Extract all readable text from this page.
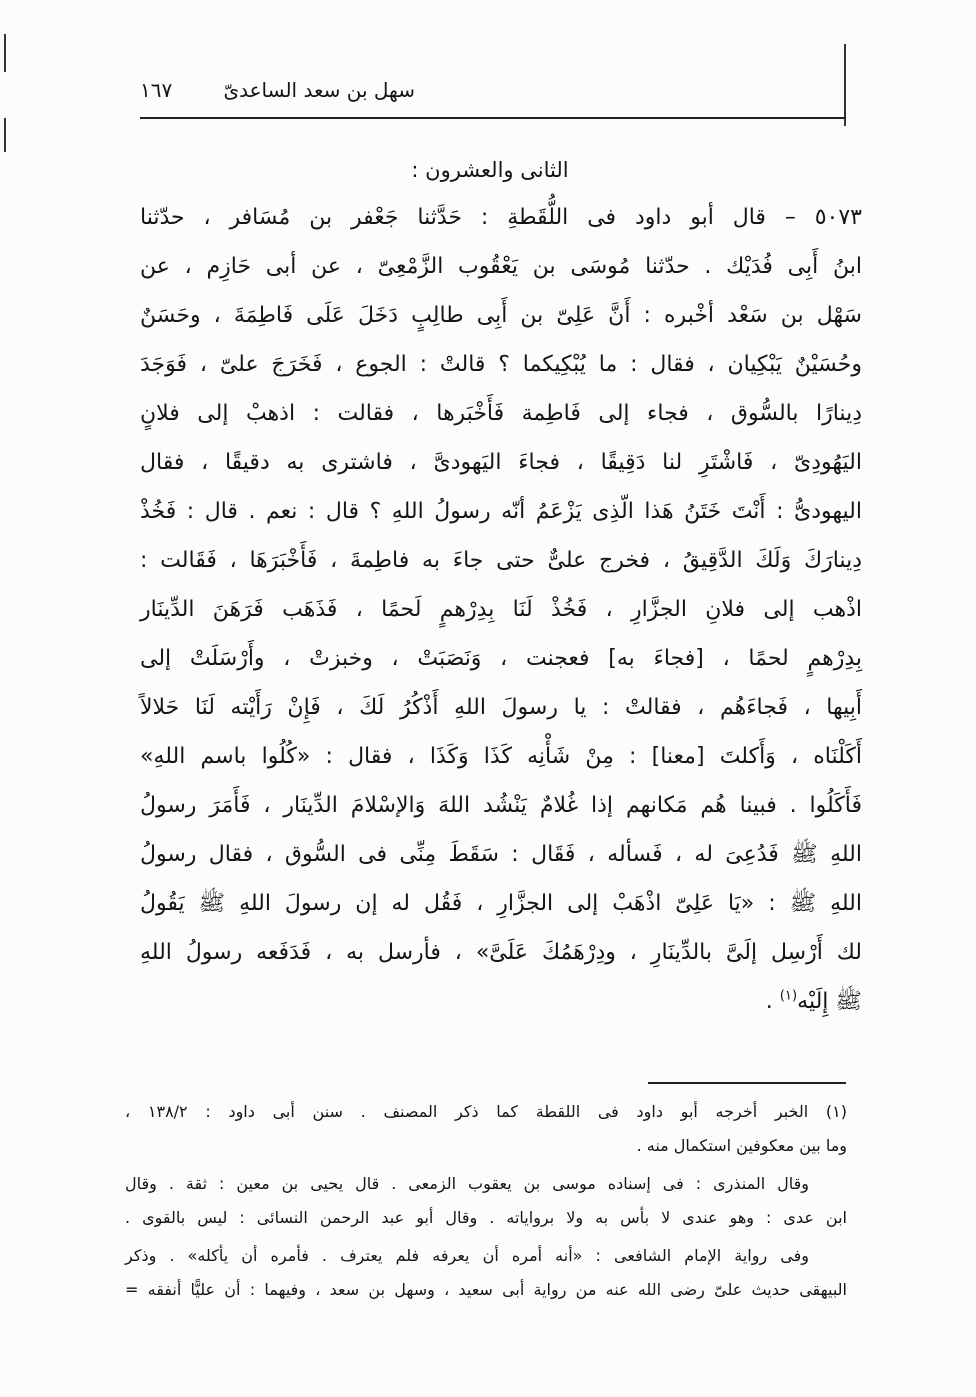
سهل بن سعد الساعدىّ
١٦٧
الثانى والعشرون :
٥٠٧٣ – قال أبو داود فى اللُّقَطةِ : حَدَّثنا جَعْفر بن مُسَافر ، حدّثنا
ابنُ أَبِى فُدَيْك . حدّثنا مُوسَى بن يَعْقُوب الزَّمْعِىّ ، عن أبى حَازِم ، عن
سَهْل بن سَعْد أخْبره : أَنَّ عَلِىّ بن أَبِى طالِبٍ دَخَلَ عَلَى فَاطِمَةَ ، وحَسَنٌ
وحُسَيْنٌ يَبْكِيان ، فقال : ما يُبْكِيكما ؟ قالتْ : الجوع ، فَخَرَجَ علىّ ، فَوَجَدَ
دِينارًا بالسُّوق ، فجاء إلى فَاطِمة فَأَخْبَرها ، فقالت : اذهبْ إلى فلانٍ
اليَهُودِىّ ، فَاشْتَرِ لنا دَقِيقًا ، فجاءَ اليَهودىَّ ، فاشترى به دقيقًا ، فقال
اليهودىُّ : أَنْتَ خَتَنُ هَذا الّذِى يَزْعَمُ أنّه رسولُ اللهِ ؟ قال : نعم . قال : فَخُذْ
دِينارَكَ وَلَكَ الدَّقِيقُ ، فخرج علىٌّ حتى جاءَ به فاطِمةَ ، فَأَخْبَرَهَا ، فَقَالت :
اذْهب إلى فلانِ الجزَّارِ ، فَخُذْ لَنَا بِدِرْهمٍ لَحمًا ، فَذَهَب فَرَهَنَ الدِّينَار
بِدِرْهمٍ لحمًا ، [فجاءَ به] فعجنت ، وَنَصَبَتْ ، وخبزتْ ، وأَرْسَلَتْ إلى
أَبِيها ، فَجاءَهُم ، فقالتْ : يا رسولَ اللهِ أَذْكُرُ لَكَ ، فَإِنْ رَأَيْته لَنَا حَلالاً
أَكَلْنَاه ، وَأَكلتَ [معنا] : مِنْ شَأْنِه كَذَا وَكَذَا ، فقال : «كُلُوا باسم اللهِ»
فَأَكَلُوا . فبينا هُم مَكانهم إذا غُلامٌ يَنْشُد اللهَ وَالإسْلامَ الدِّينَار ، فَأَمَرَ رسولُ
اللهِ ﷺ فَدُعِىَ له ، فَسأله ، فَقَال : سَقَطَ مِنِّى فى السُّوق ، فقال رسولُ
اللهِ ﷺ : «يَا عَلِىّ اذْهَبْ إلى الجزَّارِ ، فَقُل له إن رسولَ اللهِ ﷺ يَقُولُ
لك أَرْسِل إلَىَّ بالدِّينَارِ ، ودِرْهَمُكَ عَلَىَّ» ، فأرسل به ، فَدَفَعه رسولُ اللهِ
ﷺ إِلَيْه$^{(١)}$ .
(١) الخبر أخرجه أبو داود فى اللقطة كما ذكر المصنف . سنن أبى داود : ١٣٨/٢ ،
وما بين معكوفين استكمال منه .
وقال المنذرى : فى إسناده موسى بن يعقوب الزمعى . قال يحيى بن معين : ثقة . وقال
ابن عدى : وهو عندى لا بأس به ولا برواياته . وقال أبو عبد الرحمن النسائى : ليس بالقوى .
وفى رواية الإمام الشافعى : «أنه أمره أن يعرفه فلم يعترف . فأمره أن يأكله» . وذكر
البيهقى حديث علىّ رضى الله عنه من رواية أبى سعيد ، وسهل بن سعد ، وفيهما : أن عليًّا أنفقه =
